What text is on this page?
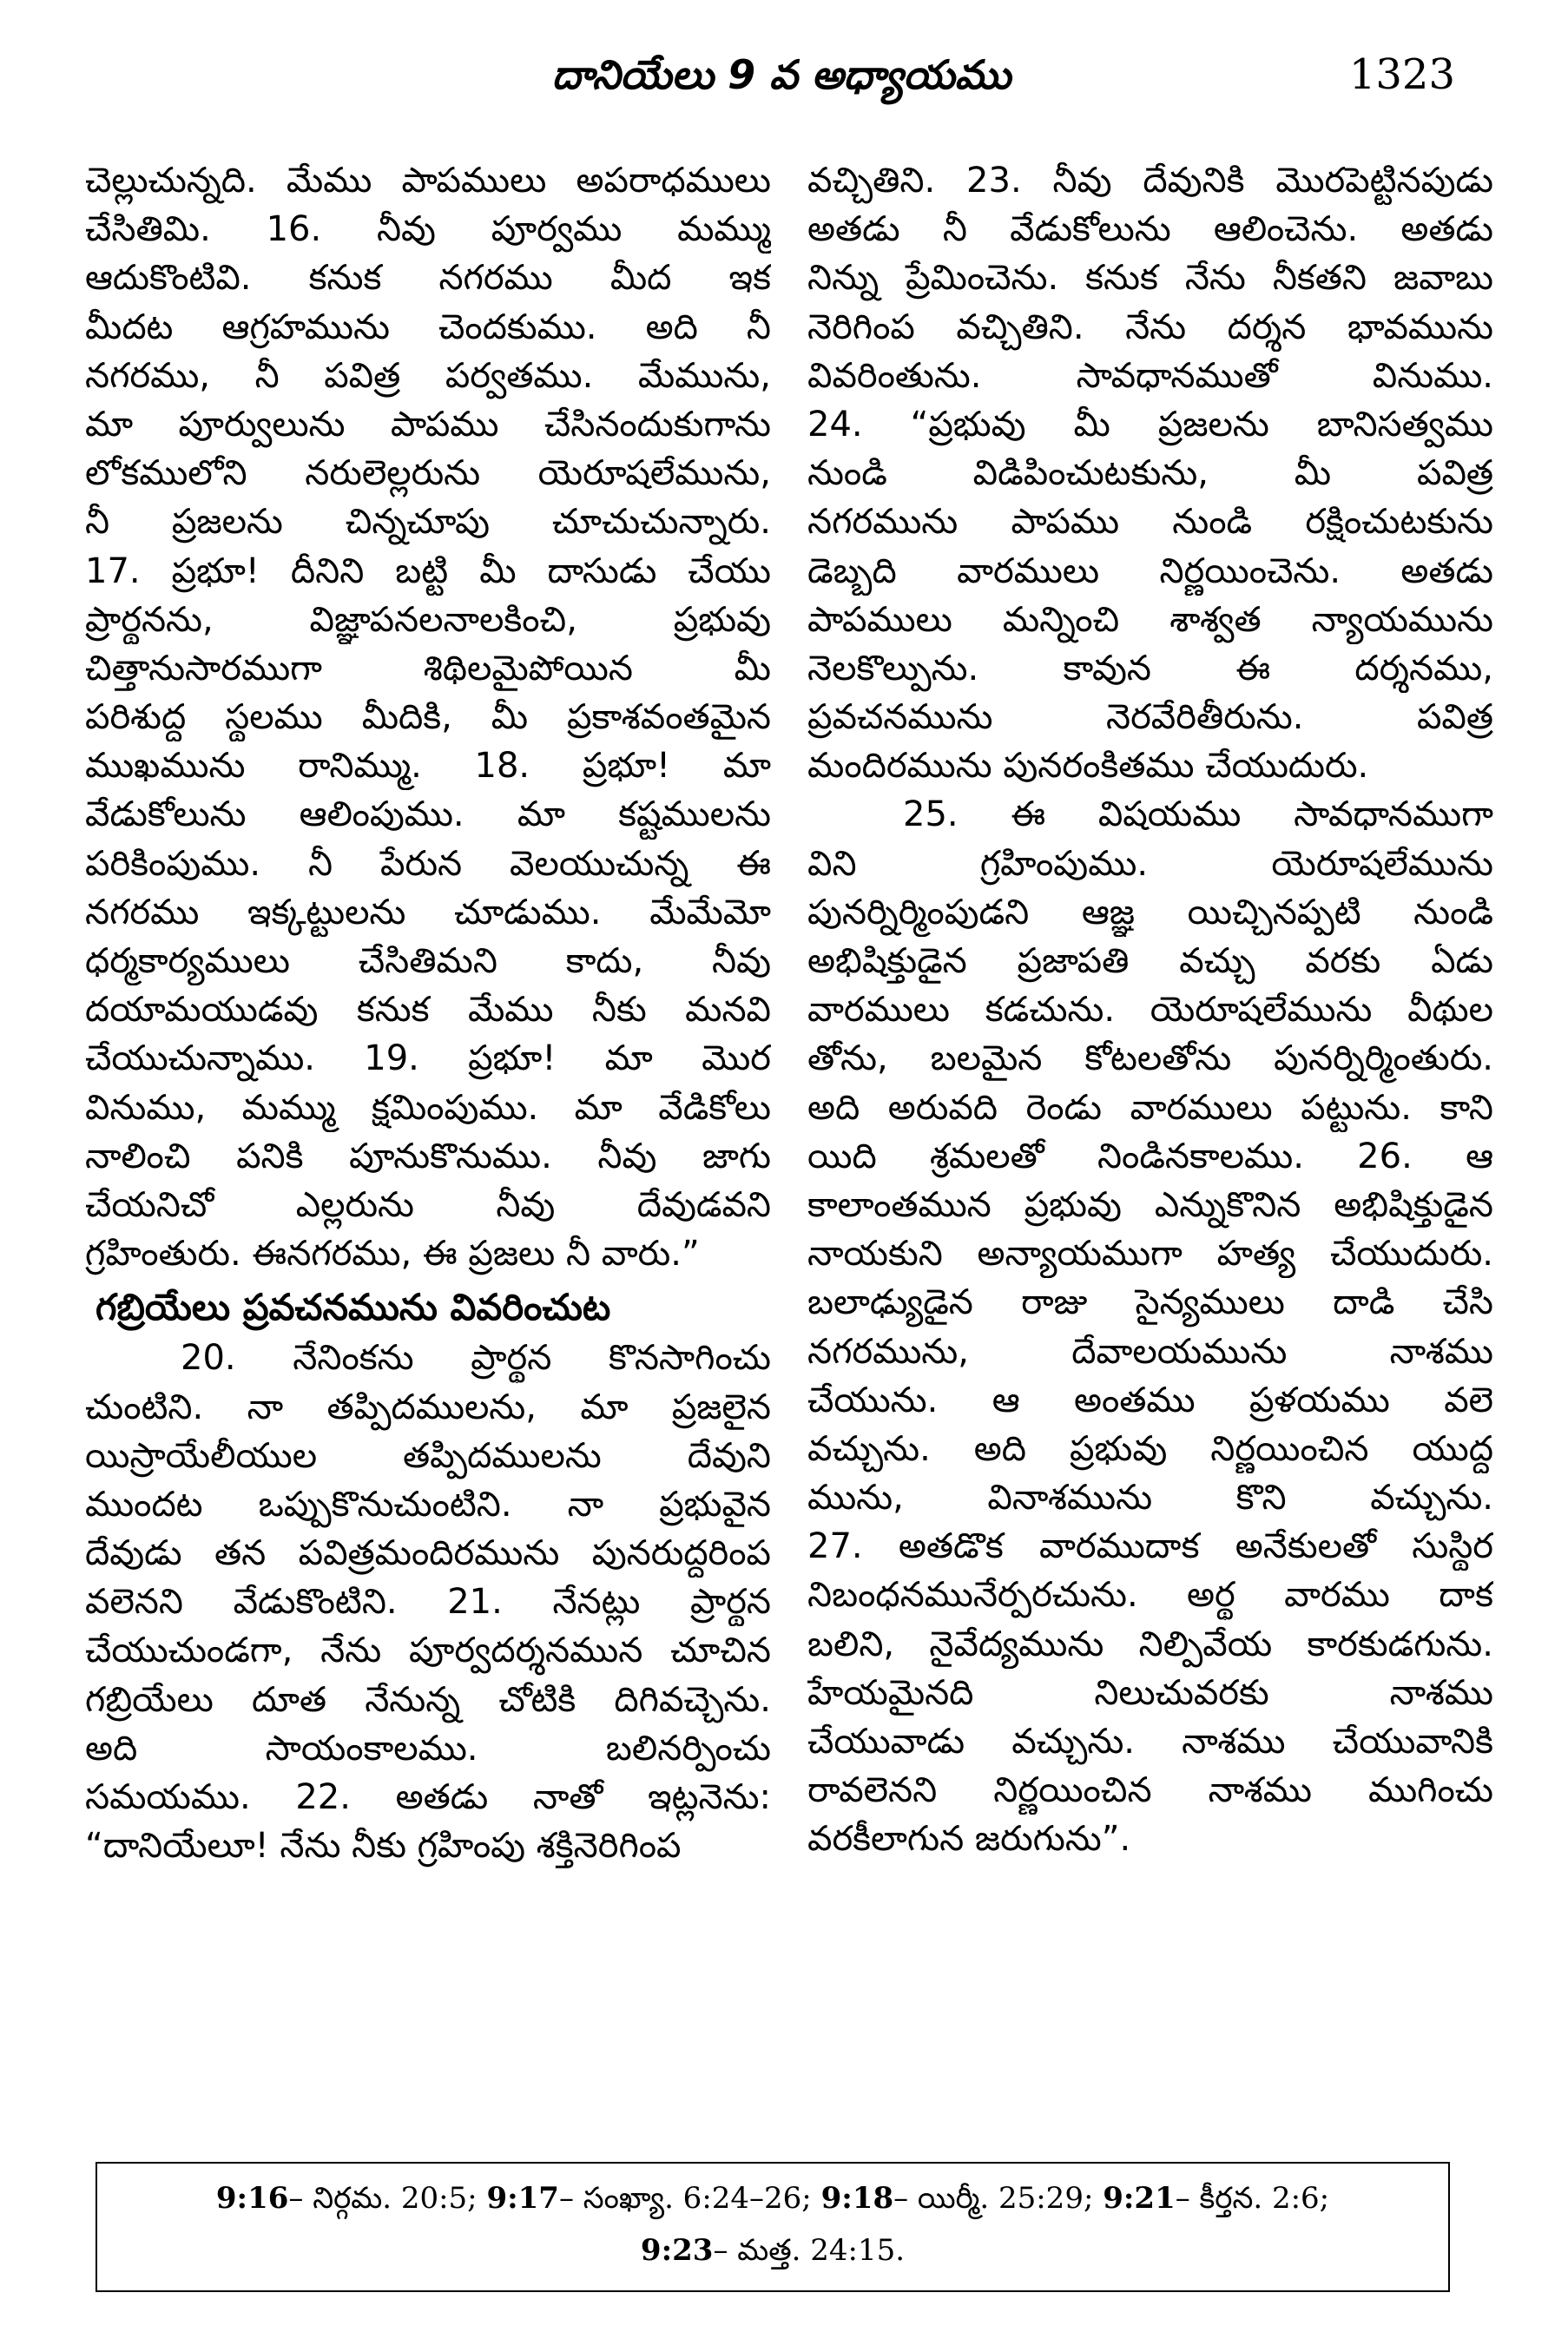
దానియేలు 9 వ అధ్యాయము	1323
చెల్లుచున్నది. మేము పాపములు అపరాధములు
చేసితిమి. 16. నీవు పూర్వము మమ్ము
ఆదుకొంటివి. కనుక నగరము మీద ఇక
మీదట ఆగ్రహమును చెందకుము. అది నీ
నగరము, నీ పవిత్ర పర్వతము. మేమును,
మా పూర్వులును పాపము చేసినందుకుగాను
లోకములోని నరులెల్లరును యెరూషలేమును,
నీ ప్రజలను చిన్నచూపు చూచుచున్నారు.
17. ప్రభూ! దీనిని బట్టి మీ దాసుడు చేయు
ప్రార్థనను, విజ్ఞాపనలనాలకించి, ప్రభువు
చిత్తానుసారముగా శిథిలమైపోయిన మీ
పరిశుద్ధ స్థలము మీదికి, మీ ప్రకాశవంతమైన
ముఖమును రానిమ్ము. 18. ప్రభూ! మా
వేడుకోలును ఆలింపుము. మా కష్టములను
పరికింపుము. నీ పేరున వెలయుచున్న ఈ
నగరము ఇక్కట్టులను చూడుము. మేమేమో
ధర్మకార్యములు చేసితిమని కాదు, నీవు
దయామయుడవు కనుక మేము నీకు మనవి
చేయుచున్నాము. 19. ప్రభూ! మా మొర
వినుము, మమ్ము క్షమింపుము. మా వేడికోలు
నాలించి పనికి పూనుకొనుము. నీవు జాగు
చేయనిచో ఎల్లరును నీవు దేవుడవని
గ్రహింతురు. ఈనగరము, ఈ ప్రజలు నీ వారు.”
గబ్రియేలు ప్రవచనమును వివరించుట
20. నేనింకను ప్రార్థన కొనసాగించు
చుంటిని. నా తప్పిదములను, మా ప్రజలైన
యిస్రాయేలీయుల తప్పిదములను దేవుని
ముందట ఒప్పుకొనుచుంటిని. నా ప్రభువైన
దేవుడు తన పవిత్రమందిరమును పునరుద్ధరింప
వలెనని వేడుకొంటిని. 21. నేనట్లు ప్రార్థన
చేయుచుండగా, నేను పూర్వదర్శనమున చూచిన
గబ్రియేలు దూత నేనున్న చోటికి దిగివచ్చెను.
అది సాయంకాలము. బలినర్పించు
సమయము. 22. అతడు నాతో ఇట్లనెను:
“దానియేలూ! నేను నీకు గ్రహింపు శక్తినెరిగింప
వచ్చితిని. 23. నీవు దేవునికి మొరపెట్టినపుడు
అతడు నీ వేడుకోలును ఆలించెను. అతడు
నిన్ను ప్రేమించెను. కనుక నేను నీకతని జవాబు
నెరిగింప వచ్చితిని. నేను దర్శన భావమును
వివరింతును. సావధానముతో వినుము.
24. “ప్రభువు మీ ప్రజలను బానిసత్వము
నుండి విడిపించుటకును, మీ పవిత్ర
నగరమును పాపము నుండి రక్షించుటకును
డెబ్బది వారములు నిర్ణయించెను. అతడు
పాపములు మన్నించి శాశ్వత న్యాయమును
నెలకొల్పును. కావున ఈ దర్శనము,
ప్రవచనమును నెరవేరితీరును. పవిత్ర
మందిరమును పునరంకితము చేయుదురు.
25. ఈ విషయము సావధానముగా
విని గ్రహింపుము. యెరూషలేమును
పునర్నిర్మింపుడని ఆజ్ఞ యిచ్చినప్పటి నుండి
అభిషిక్తుడైన ప్రజాపతి వచ్చు వరకు ఏడు
వారములు కడచును. యెరూషలేమును వీథుల
తోను, బలమైన కోటలతోను పునర్నిర్మింతురు.
అది అరువది రెండు వారములు పట్టును. కాని
యిది శ్రమలతో నిండినకాలము. 26. ఆ
కాలాంతమున ప్రభువు ఎన్నుకొనిన అభిషిక్తుడైన
నాయకుని అన్యాయముగా హత్య చేయుదురు.
బలాఢ్యుడైన రాజు సైన్యములు దాడి చేసి
నగరమును, దేవాలయమును నాశము
చేయును. ఆ అంతము ప్రళయము వలె
వచ్చును. అది ప్రభువు నిర్ణయించిన యుద్ధ
మును, వినాశమును కొని వచ్చును.
27. అతడొక వారముదాక అనేకులతో సుస్థిర
నిబంధనమునేర్పరచును. అర్థ వారము దాక
బలిని, నైవేద్యమును నిల్పివేయ కారకుడగును.
హేయమైనది నిలుచువరకు నాశము
చేయువాడు వచ్చును. నాశము చేయువానికి
రావలెనని నిర్ణయించిన నాశము ముగించు
వరకీలాగున జరుగును”.
9:16– నిర్గమ. 20:5; 9:17– సంఖ్యా. 6:24–26; 9:18– యిర్మీ. 25:29; 9:21– కీర్తన. 2:6;
9:23– మత్త. 24:15.
